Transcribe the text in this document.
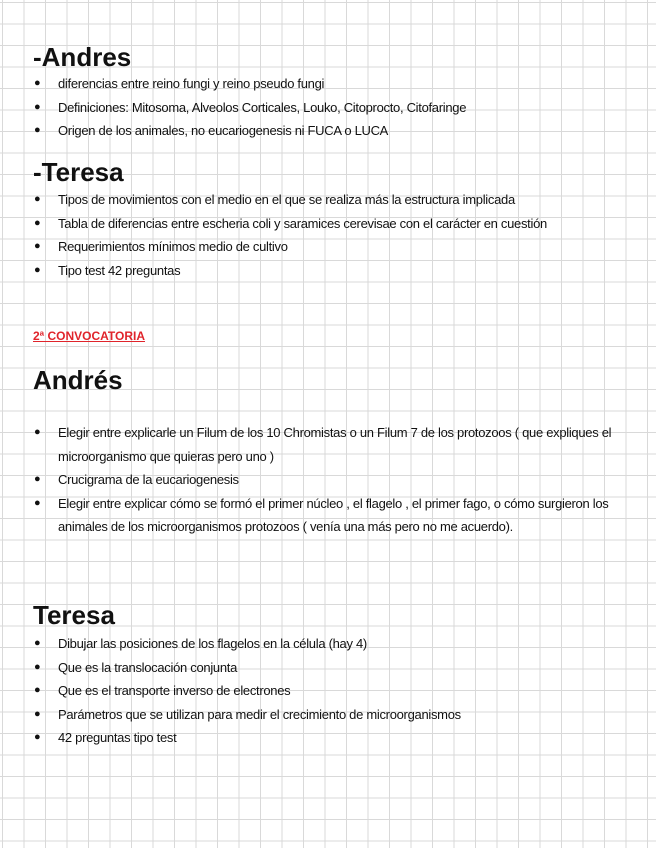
-Andres
● diferencias entre reino fungi y reino pseudo fungi
● Definiciones: Mitosoma, Alveolos Corticales, Louko, Citoprocto, Citofaringe
● Origen de los animales, no eucariogenesis ni FUCA o LUCA
-Teresa
● Tipos de movimientos con el medio en el que se realiza más la estructura implicada
● Tabla de diferencias entre escheria coli y saramices cerevisae con el carácter en cuestión
● Requerimientos mínimos medio de cultivo
● Tipo test 42 preguntas
2ª CONVOCATORIA
Andrés
● Elegir entre explicarle un Filum de los 10 Chromistas o un Filum 7 de los protozoos ( que expliques el microorganismo que quieras pero uno )
● Crucigrama de la eucariogenesis
● Elegir entre explicar cómo se formó el primer núcleo , el flagelo , el primer fago, o cómo surgieron los animales de los microorganismos protozoos ( venía una más pero no me acuerdo).
Teresa
● Dibujar las posiciones de los flagelos en la célula (hay 4)
● Que es la translocación conjunta
● Que es el transporte inverso de electrones
● Parámetros que se utilizan para medir el crecimiento de microorganismos
● 42 preguntas tipo test
